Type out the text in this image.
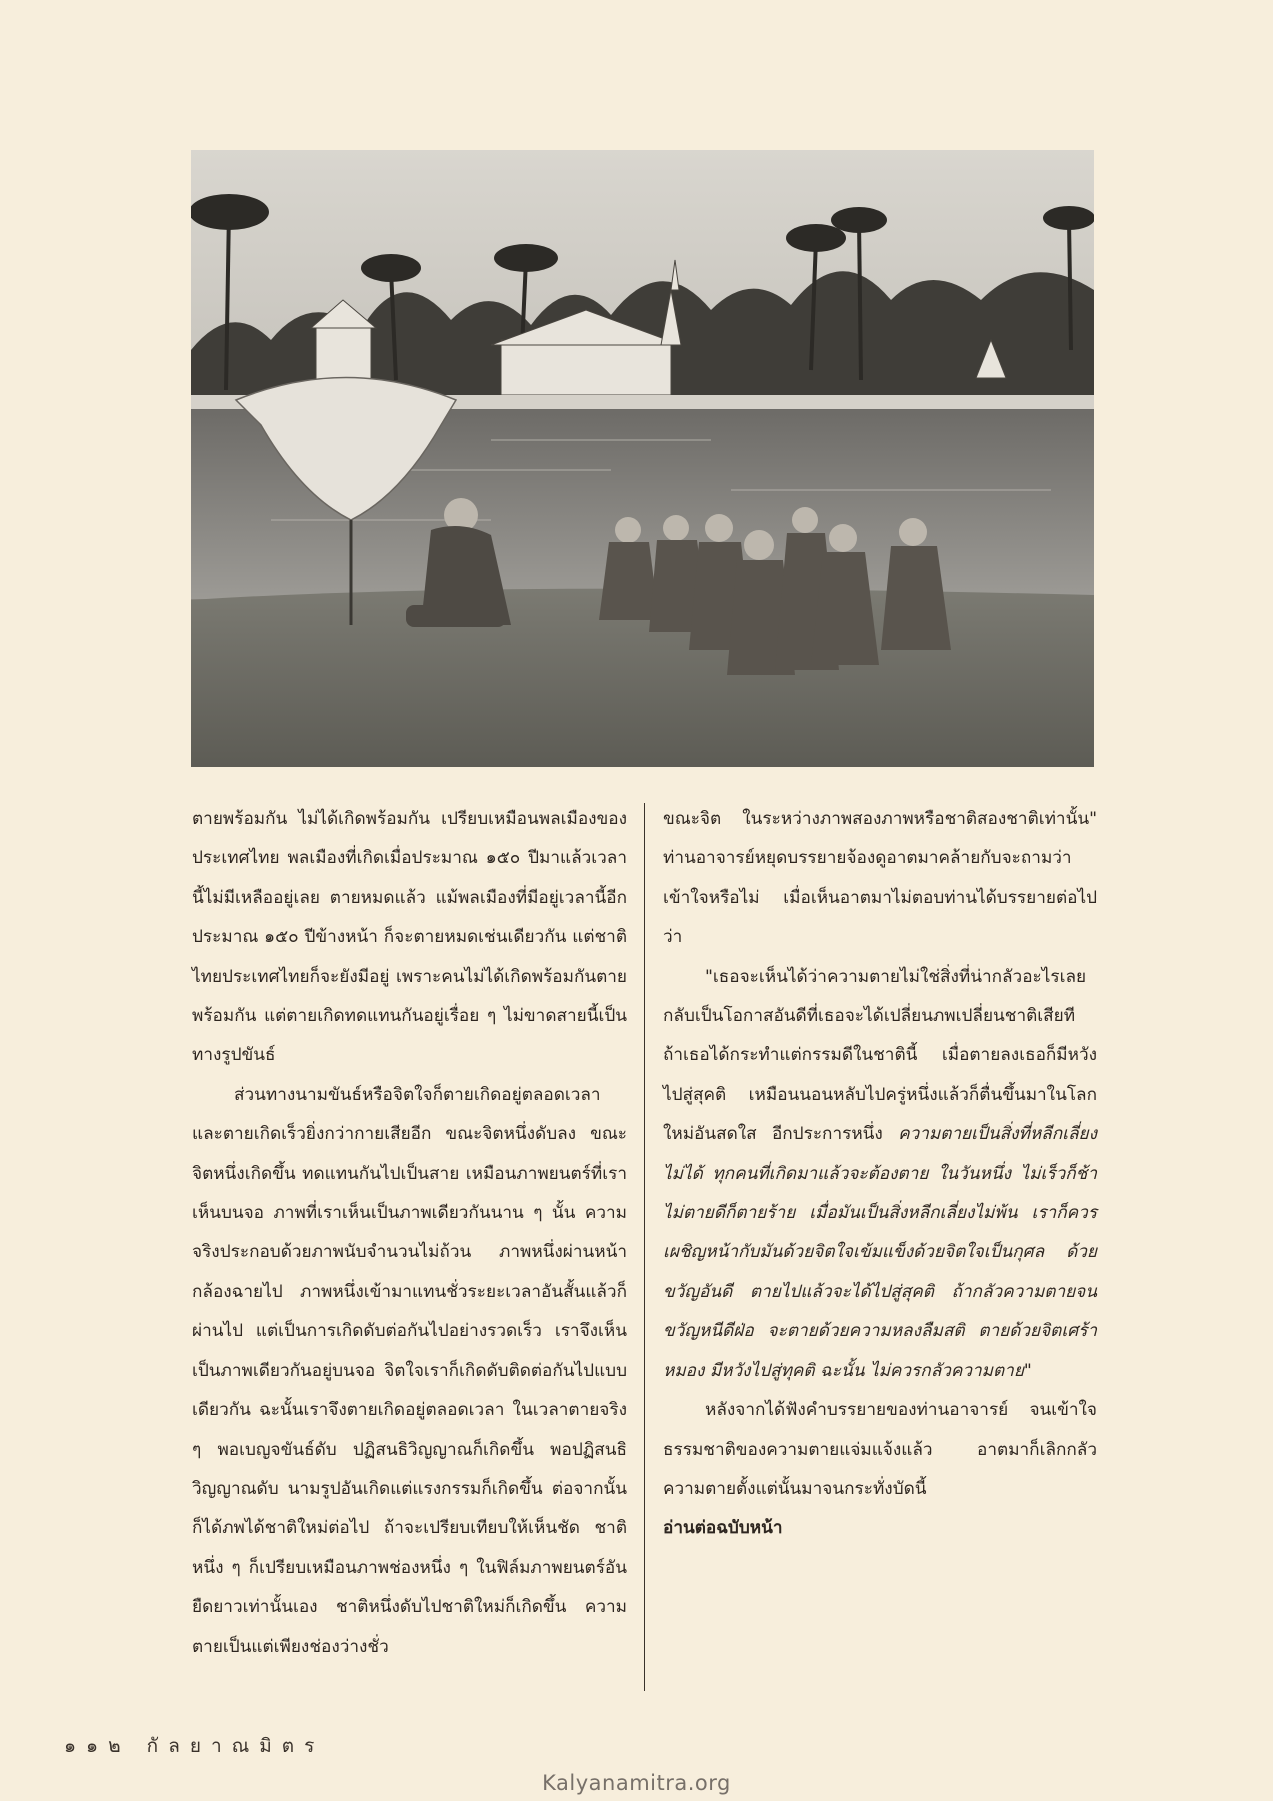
ตายพร้อมกัน ไม่ได้เกิดพร้อมกัน เปรียบเหมือนพลเมืองของประเทศไทย พลเมืองที่เกิดเมื่อประมาณ ๑๕๐ ปีมาแล้วเวลานี้ไม่มีเหลืออยู่เลย ตายหมดแล้ว แม้พลเมืองที่มีอยู่เวลานี้อีกประมาณ ๑๕๐ ปีข้างหน้า ก็จะตายหมดเช่นเดียวกัน แต่ชาติไทยประเทศไทยก็จะยังมีอยู่ เพราะคนไม่ได้เกิดพร้อมกันตายพร้อมกัน แต่ตายเกิดทดแทนกันอยู่เรื่อย ๆ ไม่ขาดสายนี้เป็นทางรูปขันธ์

ส่วนทางนามขันธ์หรือจิตใจก็ตายเกิดอยู่ตลอดเวลา และตายเกิดเร็วยิ่งกว่ากายเสียอีก ขณะจิตหนึ่งดับลง ขณะจิตหนึ่งเกิดขึ้น ทดแทนกันไปเป็นสาย เหมือนภาพยนตร์ที่เราเห็นบนจอ ภาพที่เราเห็นเป็นภาพเดียวกันนาน ๆ นั้น ความจริงประกอบด้วยภาพนับจำนวนไม่ถ้วน ภาพหนึ่งผ่านหน้ากล้องฉายไป ภาพหนึ่งเข้ามาแทนชั่วระยะเวลาอันสั้นแล้วก็ผ่านไป แต่เป็นการเกิดดับต่อกันไปอย่างรวดเร็ว เราจึงเห็นเป็นภาพเดียวกันอยู่บนจอ จิตใจเราก็เกิดดับติดต่อกันไปแบบเดียวกัน ฉะนั้นเราจึงตายเกิดอยู่ตลอดเวลา ในเวลาตายจริง ๆ พอเบญจขันธ์ดับ ปฏิสนธิวิญญาณก็เกิดขึ้น พอปฏิสนธิวิญญาณดับ นามรูปอันเกิดแต่แรงกรรมก็เกิดขึ้น ต่อจากนั้นก็ได้ภพได้ชาติใหม่ต่อไป ถ้าจะเปรียบเทียบให้เห็นชัด ชาติหนึ่ง ๆ ก็เปรียบเหมือนภาพช่องหนึ่ง ๆ ในฟิล์มภาพยนตร์อันยืดยาวเท่านั้นเอง ชาติหนึ่งดับไปชาติใหม่ก็เกิดขึ้น ความตายเป็นแต่เพียงช่องว่างชั่ว

ขณะจิต ในระหว่างภาพสองภาพหรือชาติสองชาติเท่านั้น" ท่านอาจารย์หยุดบรรยายจ้องดูอาตมาคล้ายกับจะถามว่า เข้าใจหรือไม่ เมื่อเห็นอาตมาไม่ตอบท่านได้บรรยายต่อไปว่า

"เธอจะเห็นได้ว่าความตายไม่ใช่สิ่งที่น่ากลัวอะไรเลย กลับเป็นโอกาสอันดีที่เธอจะได้เปลี่ยนภพเปลี่ยนชาติเสียที ถ้าเธอได้กระทำแต่กรรมดีในชาตินี้ เมื่อตายลงเธอก็มีหวังไปสู่สุคติ เหมือนนอนหลับไปครู่หนึ่งแล้วก็ตื่นขึ้นมาในโลกใหม่อันสดใส อีกประการหนึ่ง ความตายเป็นสิ่งที่หลีกเลี่ยงไม่ได้ ทุกคนที่เกิดมาแล้วจะต้องตาย ในวันหนึ่ง ไม่เร็วก็ช้า ไม่ตายดีก็ตายร้าย เมื่อมันเป็นสิ่งหลีกเลี่ยงไม่พ้น เราก็ควรเผชิญหน้ากับมันด้วยจิตใจเข้มแข็งด้วยจิตใจเป็นกุศล ด้วยขวัญอันดี ตายไปแล้วจะได้ไปสู่สุคติ ถ้ากลัวความตายจนขวัญหนีดีฝ่อ จะตายด้วยความหลงลืมสติ ตายด้วยจิตเศร้าหมอง มีหวังไปสู่ทุคติ ฉะนั้น ไม่ควรกลัวความตาย"

หลังจากได้ฟังคำบรรยายของท่านอาจารย์ จนเข้าใจธรรมชาติของความตายแจ่มแจ้งแล้ว อาตมาก็เลิกกลัวความตายตั้งแต่นั้นมาจนกระทั่งบัดนี้

อ่านต่อฉบับหน้า

๑๑๒ กัลยาณมิตร
Kalyanamitra.org
